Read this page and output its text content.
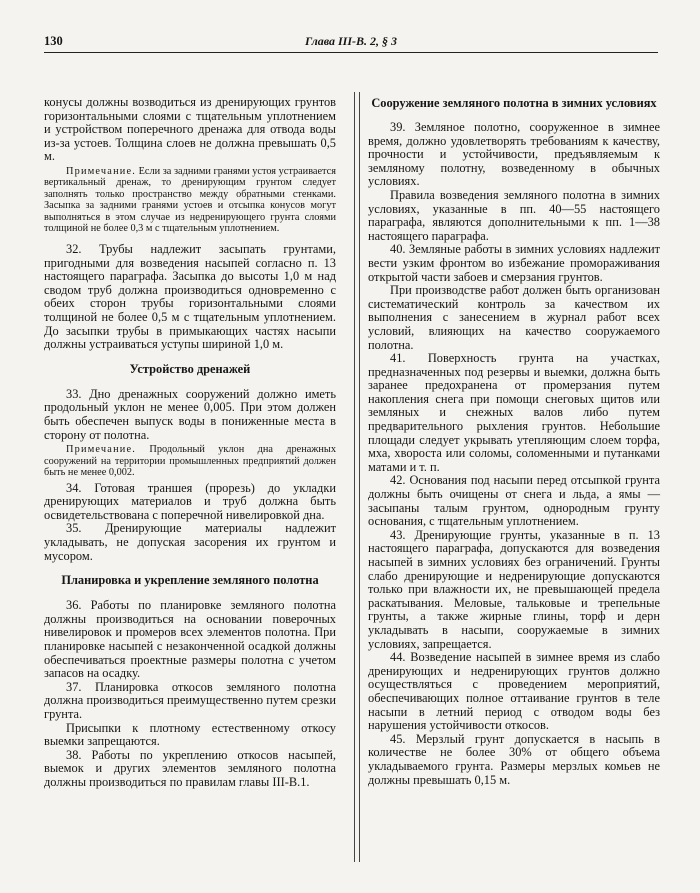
130	Глава III-В. 2, § 3

конусы должны возводиться из дренирующих грунтов горизонтальными слоями с тщательным уплотнением и устройством поперечного дренажа для отвода воды из-за устоев. Толщина слоев не должна превышать 0,5 м.

Примечание. Если за задними гранями устоя устраивается вертикальный дренаж, то дренирующим грунтом следует заполнять только пространство между обратными стенками. Засыпка за задними гранями устоев и отсыпка конусов могут выполняться в этом случае из недренирующего грунта слоями толщиной не более 0,3 м с тщательным уплотнением.

32. Трубы надлежит засыпать грунтами, пригодными для возведения насыпей согласно п. 13 настоящего параграфа. Засыпка до высоты 1,0 м над сводом труб должна производиться одновременно с обеих сторон трубы горизонтальными слоями толщиной не более 0,5 м с тщательным уплотнением. До засыпки трубы в примыкающих частях насыпи должны устраиваться уступы шириной 1,0 м.

Устройство дренажей

33. Дно дренажных сооружений должно иметь продольный уклон не менее 0,005. При этом должен быть обеспечен выпуск воды в пониженные места в сторону от полотна.

Примечание. Продольный уклон дна дренажных сооружений на территории промышленных предприятий должен быть не менее 0,002.

34. Готовая траншея (прорезь) до укладки дренирующих материалов и труб должна быть освидетельствована с поперечной нивелировкой дна.

35. Дренирующие материалы надлежит укладывать, не допуская засорения их грунтом и мусором.

Планировка и укрепление земляного полотна

36. Работы по планировке земляного полотна должны производиться на основании поверочных нивелировок и промеров всех элементов полотна. При планировке насыпей с незаконченной осадкой должны обеспечиваться проектные размеры полотна с учетом запасов на осадку.

37. Планировка откосов земляного полотна должна производиться преимущественно путем срезки грунта.

Присыпки к плотному естественному откосу выемки запрещаются.

38. Работы по укреплению откосов насыпей, выемок и других элементов земляного полотна должны производиться по правилам главы III-В.1.

Сооружение земляного полотна в зимних условиях

39. Земляное полотно, сооруженное в зимнее время, должно удовлетворять требованиям к качеству, прочности и устойчивости, предъявляемым к земляному полотну, возведенному в обычных условиях.

Правила возведения земляного полотна в зимних условиях, указанные в пп. 40—55 настоящего параграфа, являются дополнительными к пп. 1—38 настоящего параграфа.

40. Земляные работы в зимних условиях надлежит вести узким фронтом во избежание промораживания открытой части забоев и смерзания грунтов.

При производстве работ должен быть организован систематический контроль за качеством их выполнения с занесением в журнал работ всех условий, влияющих на качество сооружаемого полотна.

41. Поверхность грунта на участках, предназначенных под резервы и выемки, должна быть заранее предохранена от промерзания путем накопления снега при помощи снеговых щитов или земляных и снежных валов либо путем предварительного рыхления грунтов. Небольшие площади следует укрывать утепляющим слоем торфа, мха, хвороста или соломы, соломенными и путанками матами и т. п.

42. Основания под насыпи перед отсыпкой грунта должны быть очищены от снега и льда, а ямы — засыпаны талым грунтом, однородным грунту основания, с тщательным уплотнением.

43. Дренирующие грунты, указанные в п. 13 настоящего параграфа, допускаются для возведения насыпей в зимних условиях без ограничений. Грунты слабо дренирующие и недренирующие допускаются только при влажности их, не превышающей предела раскатывания. Меловые, тальковые и трепельные грунты, а также жирные глины, торф и дерн укладывать в насыпи, сооружаемые в зимних условиях, запрещается.

44. Возведение насыпей в зимнее время из слабо дренирующих и недренирующих грунтов должно осуществляться с проведением мероприятий, обеспечивающих полное оттаивание грунтов в теле насыпи в летний период с отводом воды без нарушения устойчивости откосов.

45. Мерзлый грунт допускается в насыпь в количестве не более 30% от общего объема укладываемого грунта. Размеры мерзлых комьев не должны превышать 0,15 м.
